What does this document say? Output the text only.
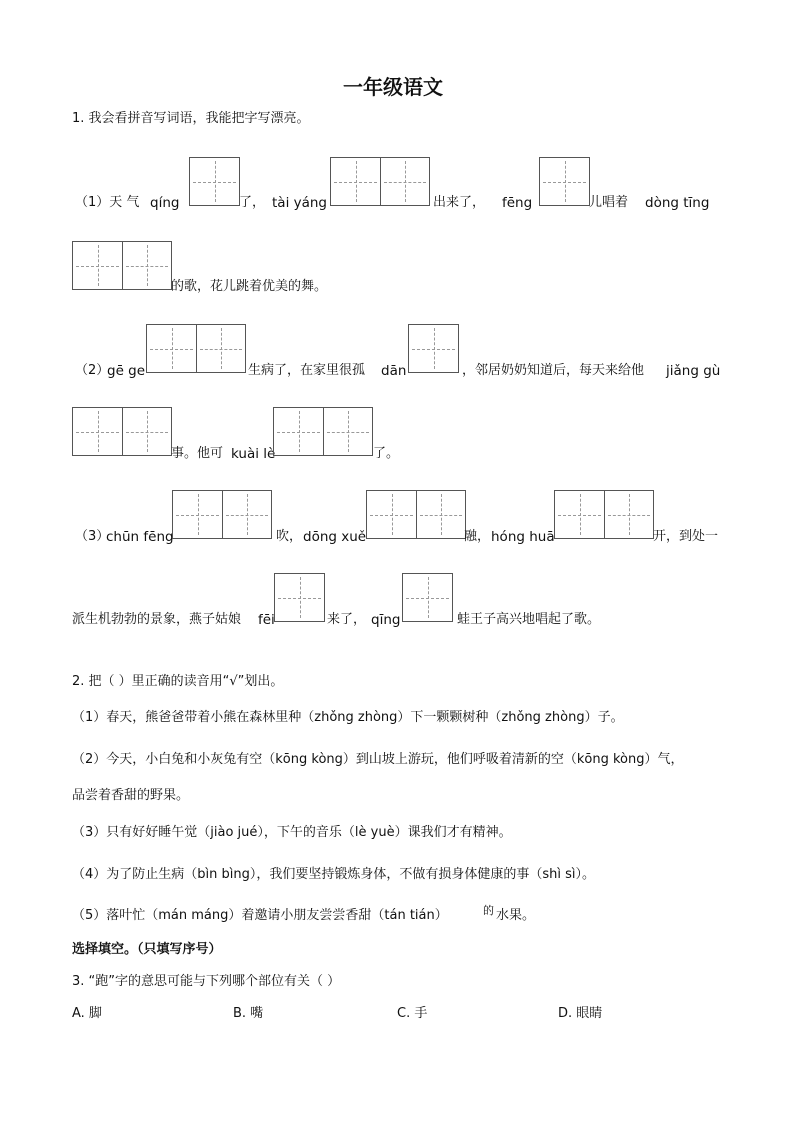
一年级语文
1. 我会看拼音写词语，我能把字写漂亮。
（1）天 气 qíng	了， tài yáng	出来了， fēng	儿唱着 dòng tīng
的歌，花儿跳着优美的舞。
（2）
gē ge	生病了，在家里很孤 dān	，邻居奶奶知道后，每天来给他 jiǎng gù
事。他可 kuài lè	了。
（3）
chūn fēng	吹， dōng xuě	融， hóng huā	开，到处一
派生机勃勃的景象，燕子姑娘 fēi	来了， qīng	蛙王子高兴地唱起了歌。
2. 把（ ）里正确的读音用“√”划出。
（1）春天，熊爸爸带着小熊在森林里种（zhǒng zhòng）下一颗颗树种（zhǒng zhòng）子。
（2）今天，小白兔和小灰兔有空（kōng kòng）到山坡上游玩，他们呼吸着清新的空（kōng kòng）气，
品尝着香甜的野果。
（3）只有好好睡午觉（jiào jué），下午的音乐（lè yuè）课我们才有精神。
（4）为了防止生病（bìn bìng），我们要坚持锻炼身体，不做有损身体健康的事（shì sì）。
（5）落叶忙（mán máng）着邀请小朋友尝尝香甜（tán tián）	的 水果。
选择填空。（只填写序号）
3. “跑”字的意思可能与下列哪个部位有关（ ）
A. 脚	B. 嘴	C. 手	D. 眼睛
